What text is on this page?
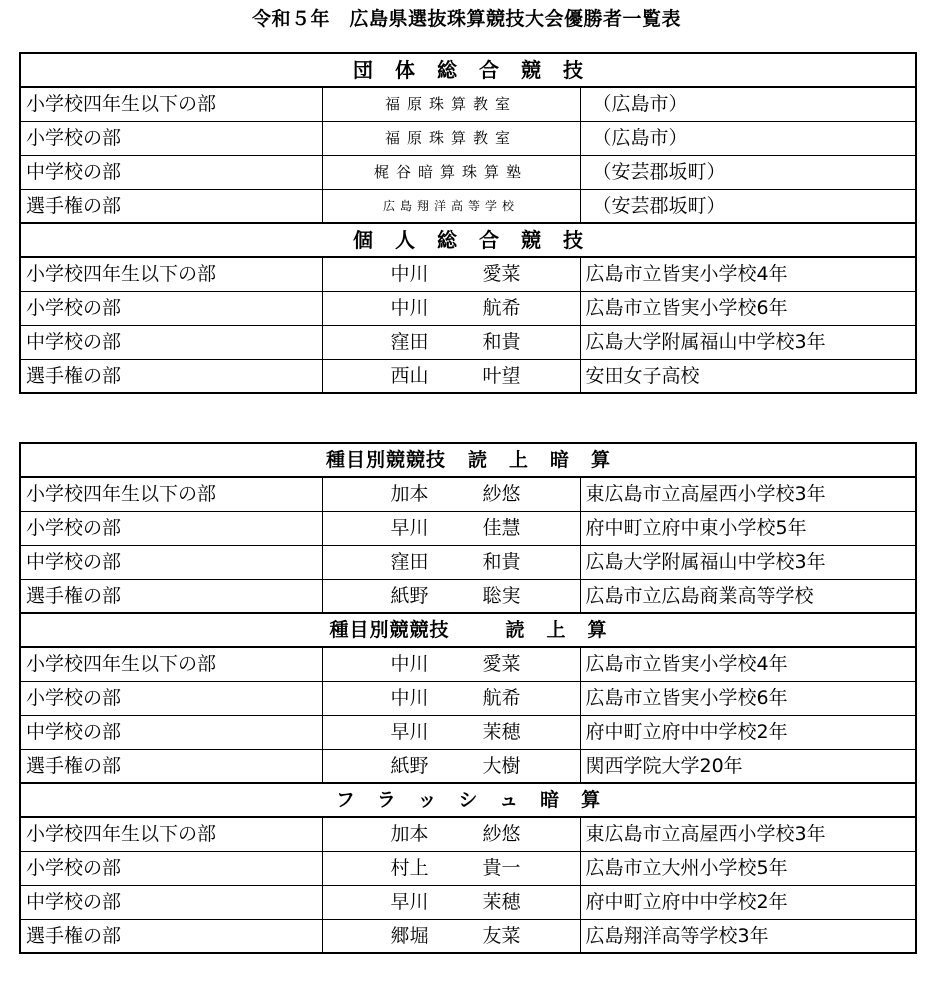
令和５年　広島県選抜珠算競技大会優勝者一覧表
団体総合競技		
小学校四年生以下の部	福原珠算教室	（広島市）
小学校の部	福原珠算教室	（広島市）
中学校の部	梶谷暗算珠算塾	（安芸郡坂町）
選手権の部	広島翔洋高等学校	（安芸郡坂町）
個人総合競技		
小学校四年生以下の部	中川 愛菜	広島市立皆実小学校4年
小学校の部	中川 航希	広島市立皆実小学校6年
中学校の部	窪田 和貴	広島大学附属福山中学校3年
選手権の部	西山 叶望	安田女子高校
種目別競競技 読上暗算		
小学校四年生以下の部	加本 紗悠	東広島市立高屋西小学校3年
小学校の部	早川 佳慧	府中町立府中東小学校5年
中学校の部	窪田 和貴	広島大学附属福山中学校3年
選手権の部	紙野 聡実	広島市立広島商業高等学校
種目別競競技 読上算		
小学校四年生以下の部	中川 愛菜	広島市立皆実小学校4年
小学校の部	中川 航希	広島市立皆実小学校6年
中学校の部	早川 茉穂	府中町立府中中学校2年
選手権の部	紙野 大樹	関西学院大学20年
フラッシュ暗算		
小学校四年生以下の部	加本 紗悠	東広島市立高屋西小学校3年
小学校の部	村上 貴一	広島市立大州小学校5年
中学校の部	早川 茉穂	府中町立府中中学校2年
選手権の部	郷堀 友菜	広島翔洋高等学校3年
